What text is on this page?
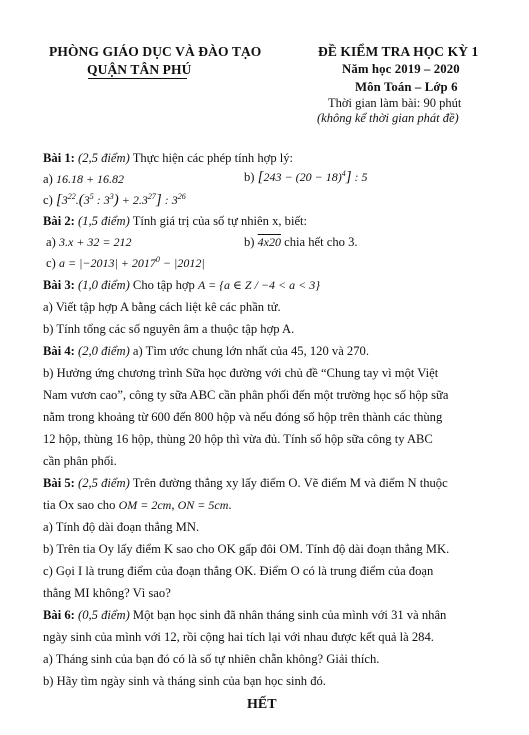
PHÒNG GIÁO DỤC VÀ ĐÀO TẠO
QUẬN TÂN PHÚ
ĐỀ KIỂM TRA HỌC KỲ 1
Năm học 2019 – 2020
Môn Toán – Lớp 6
Thời gian làm bài: 90 phút
(không kể thời gian phát đề)
Bài 1: (2,5 điểm) Thực hiện các phép tính hợp lý:
a) 16.18 + 16.82	b) $[243 - (20 - 18)^4]$ : 5
c) [$3^{22}.(3^5$ : $3^3) + 2.3^{27}$] : $3^{26}$
Bài 2: (1,5 điểm) Tính giá trị của số tự nhiên x, biết:
a) 3.x + 32 = 212	b) 4x20 chia hết cho 3.
c) $a = |-2013| + 2017^0 - |2012|$
Bài 3: (1,0 điểm) Cho tập hợp A = {a ∈ Z / −4 < a < 3}
a) Viết tập hợp A bằng cách liệt kê các phần tử.
b) Tính tổng các số nguyên âm a thuộc tập hợp A.
Bài 4: (2,0 điểm) a) Tìm ước chung lớn nhất của 45, 120 và 270.
b) Hưởng ứng chương trình Sữa học đường với chủ đề “Chung tay vì một Việt
Nam vươn cao”, công ty sữa ABC cần phân phối đến một trường học số hộp sữa
nằm trong khoảng từ 600 đến 800 hộp và nếu đóng số hộp trên thành các thùng
12 hộp, thùng 16 hộp, thùng 20 hộp thì vừa đủ. Tính số hộp sữa công ty ABC
cần phân phối.
Bài 5: (2,5 điểm) Trên đường thẳng xy lấy điểm O. Vẽ điểm M và điểm N thuộc
tia Ox sao cho OM = 2cm, ON = 5cm.
a) Tính độ dài đoạn thẳng MN.
b) Trên tia Oy lấy điểm K sao cho OK gấp đôi OM. Tính độ dài đoạn thẳng MK.
c) Gọi I là trung điểm của đoạn thẳng OK. Điểm O có là trung điểm của đoạn
thẳng MI không? Vì sao?
Bài 6: (0,5 điểm) Một bạn học sinh đã nhân tháng sinh của mình với 31 và nhân
ngày sinh của mình với 12, rồi cộng hai tích lại với nhau được kết quả là 284.
a) Tháng sinh của bạn đó có là số tự nhiên chẵn không? Giải thích.
b) Hãy tìm ngày sinh và tháng sinh của bạn học sinh đó.
HẾT
